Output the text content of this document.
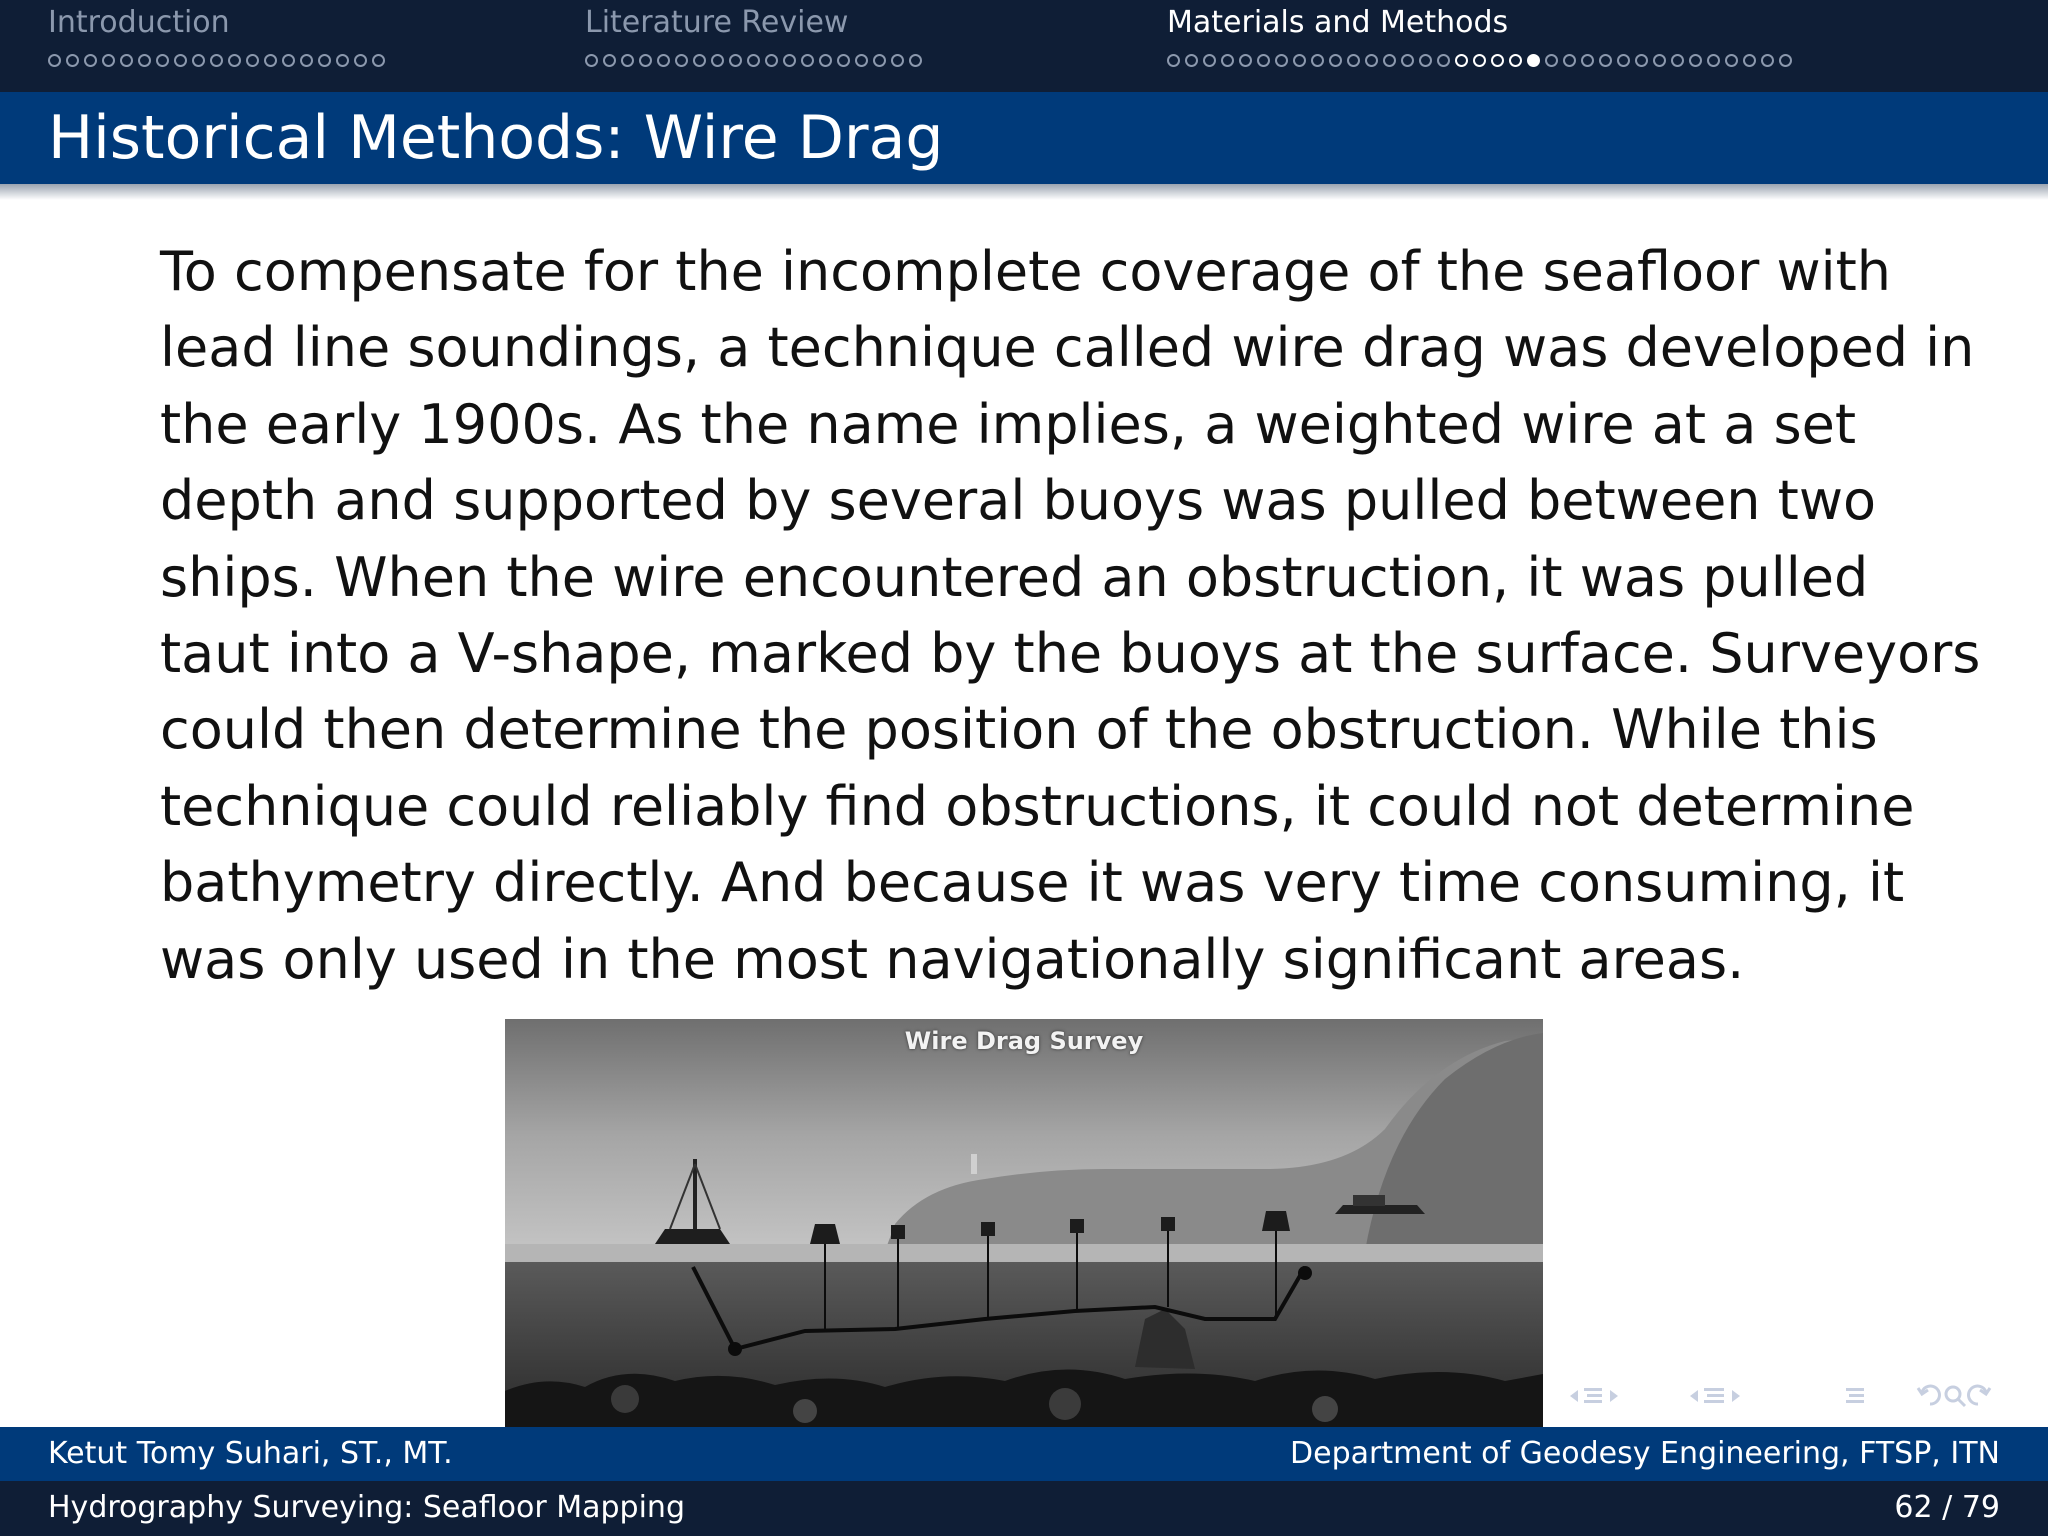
Introduction	Literature Review	Materials and Methods
Historical Methods: Wire Drag
To compensate for the incomplete coverage of the seafloor with
lead line soundings, a technique called wire drag was developed in
the early 1900s. As the name implies, a weighted wire at a set
depth and supported by several buoys was pulled between two
ships. When the wire encountered an obstruction, it was pulled
taut into a V-shape, marked by the buoys at the surface. Surveyors
could then determine the position of the obstruction. While this
technique could reliably find obstructions, it could not determine
bathymetry directly. And because it was very time consuming, it
was only used in the most navigationally significant areas.
Wire Drag Survey
Ketut Tomy Suhari, ST., MT.	Department of Geodesy Engineering, FTSP, ITN
Hydrography Surveying: Seafloor Mapping	62 / 79
